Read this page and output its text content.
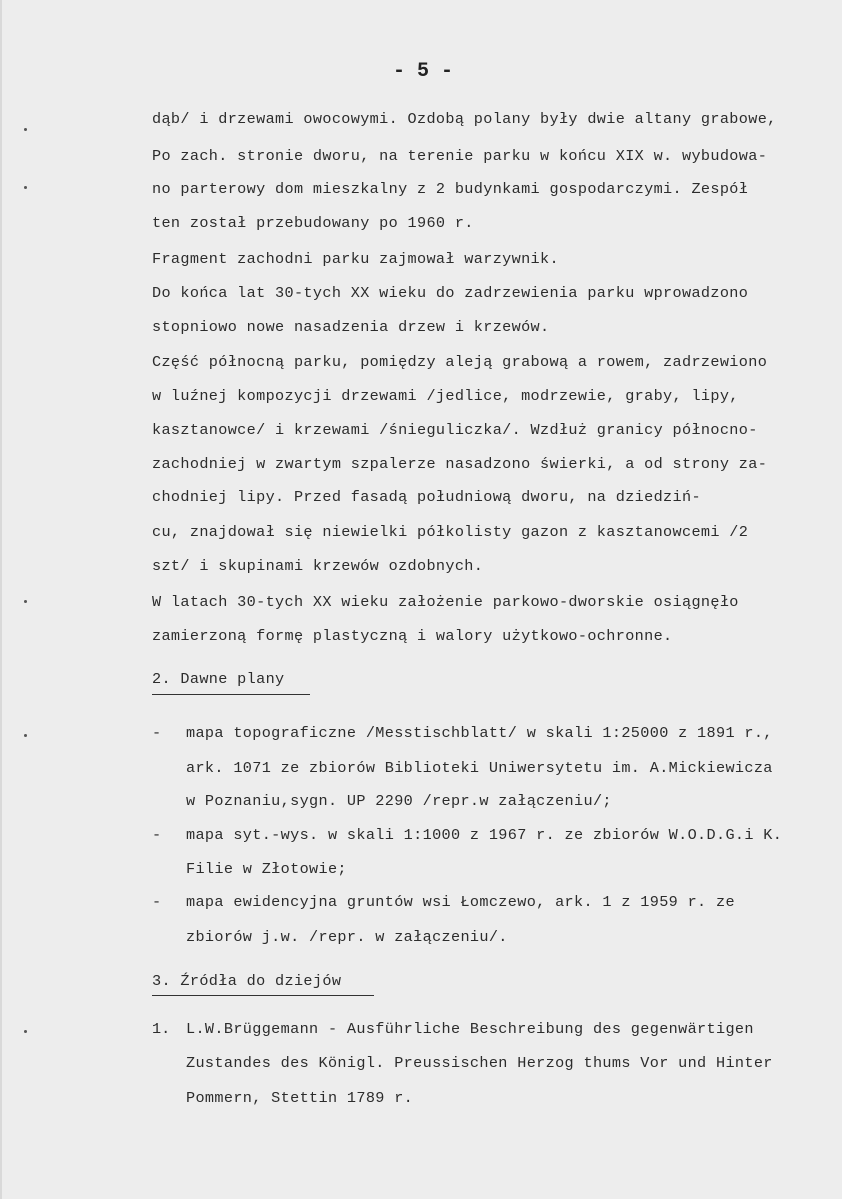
- 5 -
dąb/ i drzewami owocowymi. Ozdobą polany były dwie altany grabowe,
Po zach. stronie dworu, na terenie parku w końcu XIX w. wybudowa-
no parterowy dom mieszkalny z 2 budynkami gospodarczymi. Zespół
ten został przebudowany po 1960 r.
Fragment zachodni parku zajmował warzywnik.
Do końca lat 30-tych XX wieku do zadrzewienia parku wprowadzono
stopniowo nowe nasadzenia drzew i krzewów.
Część północną parku, pomiędzy aleją grabową a rowem, zadrzewiono
w luźnej kompozycji drzewami /jedlice, modrzewie, graby, lipy,
kasztanowce/ i krzewami /śnieguliczka/. Wzdłuż granicy północno-
zachodniej w zwartym szpalerze nasadzono świerki, a od strony za-
chodniej lipy. Przed fasadą południową dworu, na dziedziń-
cu, znajdował się niewielki półkolisty gazon z kasztanowcemi /2
szt/ i skupinami krzewów ozdobnych.
W latach 30-tych XX wieku założenie parkowo-dworskie osiągnęło
zamierzoną formę plastyczną i walory użytkowo-ochronne.
2. Dawne plany
- mapa topograficzne /Messtischblatt/ w skali 1:25000 z 1891 r.,
ark. 1071 ze zbiorów Biblioteki Uniwersytetu im. A.Mickiewicza
w Poznaniu,sygn. UP 2290 /repr.w załączeniu/;
- mapa syt.-wys. w skali 1:1000 z 1967 r. ze zbiorów W.O.D.G.i K.
Filie w Złotowie;
- mapa ewidencyjna gruntów wsi Łomczewo, ark. 1 z 1959 r. ze
zbiorów j.w. /repr. w załączeniu/.
3. Źródła do dziejów
1. L.W.Brüggemann - Ausführliche Beschreibung des gegenwärtigen
Zustandes des Königl. Preussischen Herzog thums Vor und Hinter
Pommern, Stettin 1789 r.
